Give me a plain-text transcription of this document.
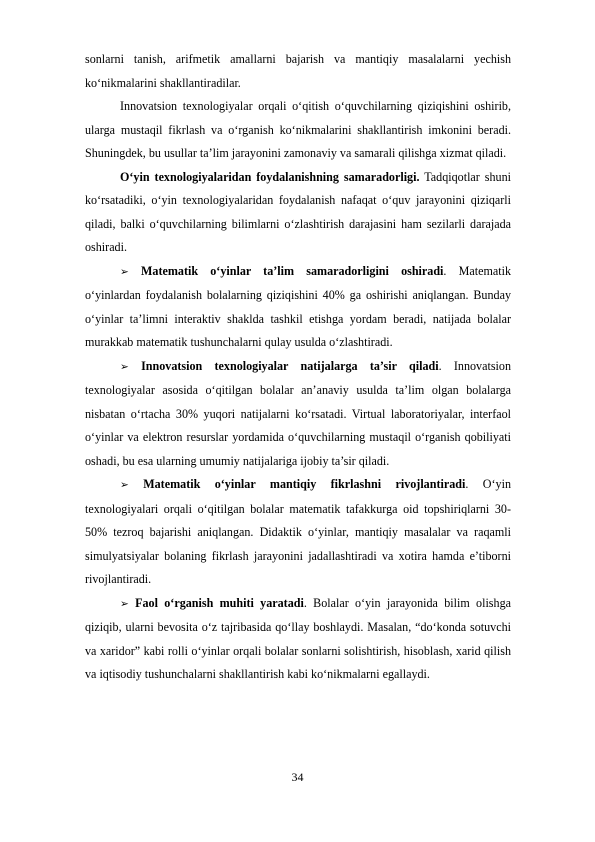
sonlarni tanish, arifmetik amallarni bajarish va mantiqiy masalalarni yechish ko‘nikmalarini shakllantiradilar.

Innovatsion texnologiyalar orqali o‘qitish o‘quvchilarning qiziqishini oshirib, ularga mustaqil fikrlash va o‘rganish ko‘nikmalarini shakllantirish imkonini beradi. Shuningdek, bu usullar ta’lim jarayonini zamonaviy va samarali qilishga xizmat qiladi.

O‘yin texnologiyalaridan foydalanishning samaradorligi. Tadqiqotlar shuni ko‘rsatadiki, o‘yin texnologiyalaridan foydalanish nafaqat o‘quv jarayonini qiziqarli qiladi, balki o‘quvchilarning bilimlarni o‘zlashtirish darajasini ham sezilarli darajada oshiradi.

➢ Matematik o‘yinlar ta’lim samaradorligini oshiradi. Matematik o‘yinlardan foydalanish bolalarning qiziqishini 40% ga oshirishi aniqlangan. Bunday o‘yinlar ta’limni interaktiv shaklda tashkil etishga yordam beradi, natijada bolalar murakkab matematik tushunchalarni qulay usulda o‘zlashtiradi.

➢ Innovatsion texnologiyalar natijalarga ta’sir qiladi. Innovatsion texnologiyalar asosida o‘qitilgan bolalar an’anaviy usulda ta’lim olgan bolalarga nisbatan o‘rtacha 30% yuqori natijalarni ko‘rsatadi. Virtual laboratoriyalar, interfaol o‘yinlar va elektron resurslar yordamida o‘quvchilarning mustaqil o‘rganish qobiliyati oshadi, bu esa ularning umumiy natijalariga ijobiy ta’sir qiladi.

➢ Matematik o‘yinlar mantiqiy fikrlashni rivojlantiradi. O‘yin texnologiyalari orqali o‘qitilgan bolalar matematik tafakkurga oid topshiriqlarni 30-50% tezroq bajarishi aniqlangan. Didaktik o‘yinlar, mantiqiy masalalar va raqamli simulyatsiyalar bolaning fikrlash jarayonini jadallashtiradi va xotira hamda e’tiborni rivojlantiradi.

➢ Faol o‘rganish muhiti yaratadi. Bolalar o‘yin jarayonida bilim olishga qiziqib, ularni bevosita o‘z tajribasida qo‘llay boshlaydi. Masalan, “do‘konda sotuvchi va xaridor” kabi rolli o‘yinlar orqali bolalar sonlarni solishtirish, hisoblash, xarid qilish va iqtisodiy tushunchalarni shakllantirish kabi ko‘nikmalarni egallaydi.

34
